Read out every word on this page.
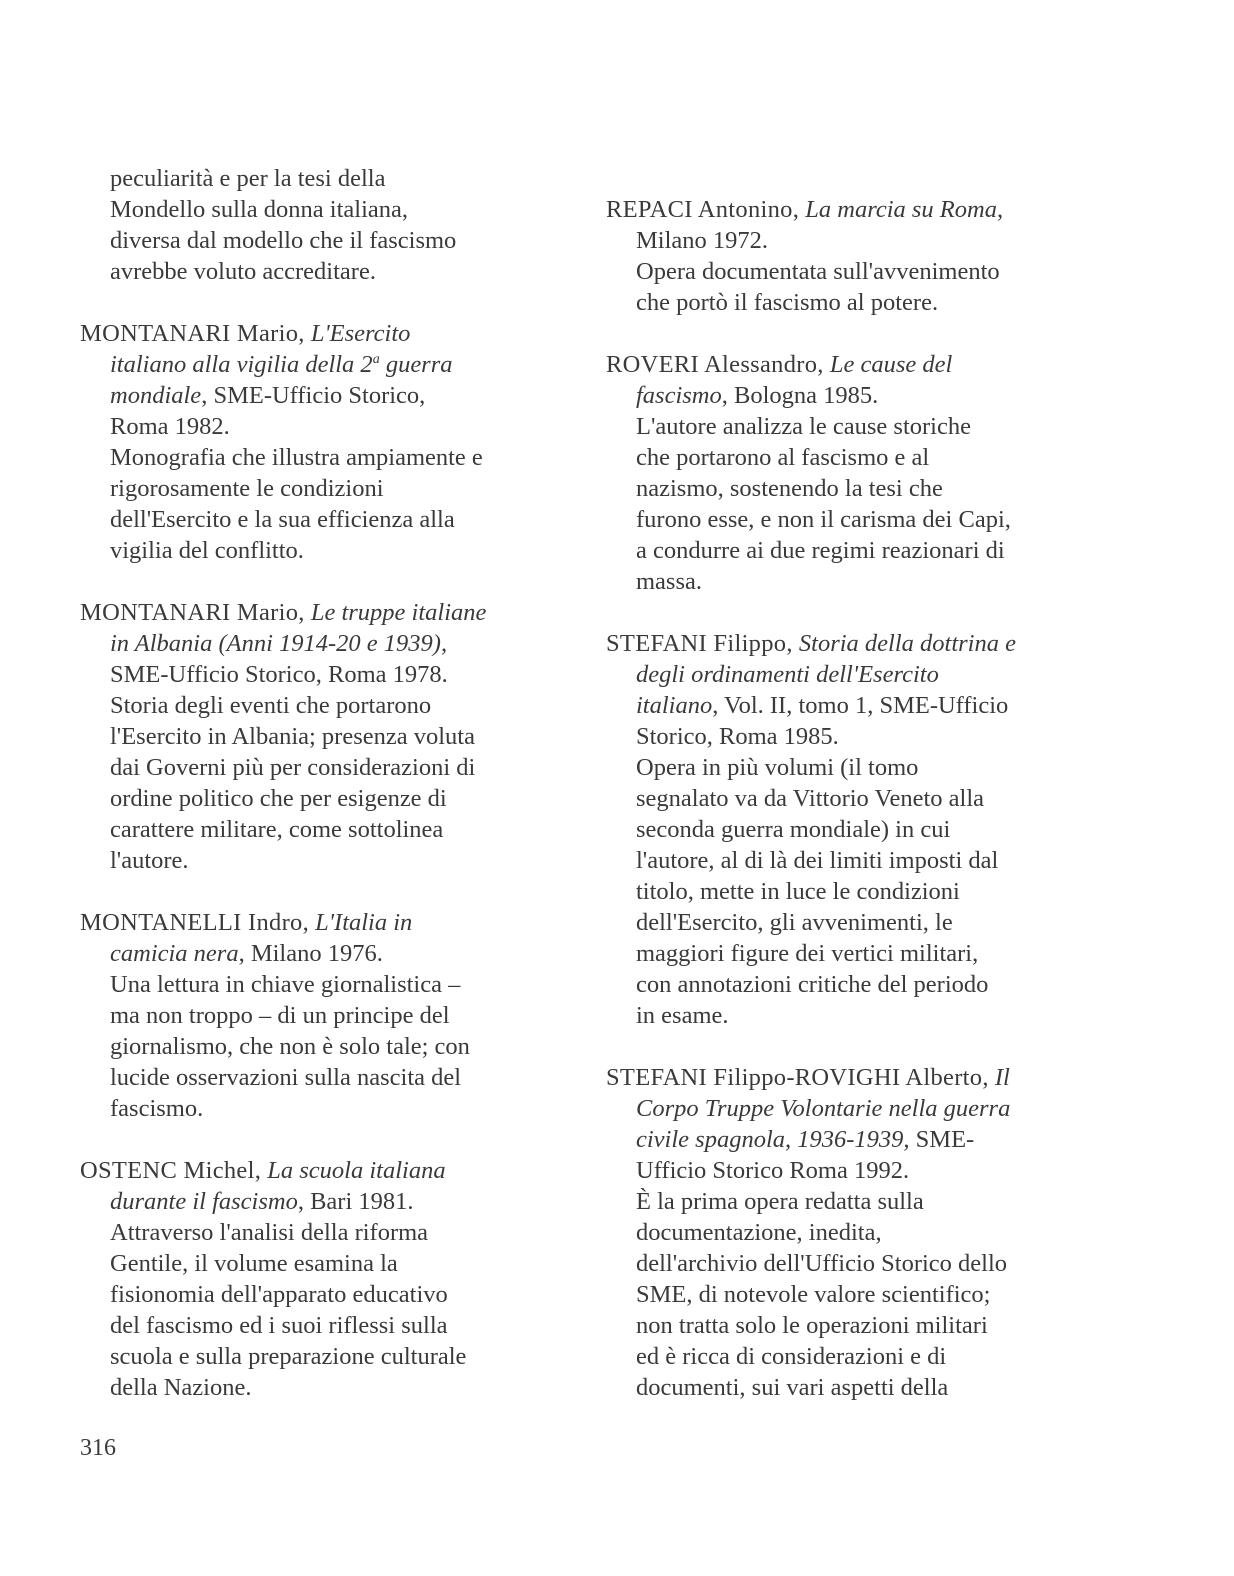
peculiarità e per la tesi della
Mondello sulla donna italiana,
diversa dal modello che il fascismo
avrebbe voluto accreditare.
MONTANARI Mario, L'Esercito
italiano alla vigilia della 2$^a$ guerra
mondiale, SME-Ufficio Storico,
Roma 1982.
Monografia che illustra ampiamente e
rigorosamente le condizioni
dell'Esercito e la sua efficienza alla
vigilia del conflitto.
MONTANARI Mario, Le truppe italiane
in Albania (Anni 1914-20 e 1939),
SME-Ufficio Storico, Roma 1978.
Storia degli eventi che portarono
l'Esercito in Albania; presenza voluta
dai Governi più per considerazioni di
ordine politico che per esigenze di
carattere militare, come sottolinea
l'autore.
MONTANELLI Indro, L'Italia in
camicia nera, Milano 1976.
Una lettura in chiave giornalistica –
ma non troppo – di un principe del
giornalismo, che non è solo tale; con
lucide osservazioni sulla nascita del
fascismo.
OSTENC Michel, La scuola italiana
durante il fascismo, Bari 1981.
Attraverso l'analisi della riforma
Gentile, il volume esamina la
fisionomia dell'apparato educativo
del fascismo ed i suoi riflessi sulla
scuola e sulla preparazione culturale
della Nazione.
REPACI Antonino, La marcia su Roma,
Milano 1972.
Opera documentata sull'avvenimento
che portò il fascismo al potere.
ROVERI Alessandro, Le cause del
fascismo, Bologna 1985.
L'autore analizza le cause storiche
che portarono al fascismo e al
nazismo, sostenendo la tesi che
furono esse, e non il carisma dei Capi,
a condurre ai due regimi reazionari di
massa.
STEFANI Filippo, Storia della dottrina e
degli ordinamenti dell'Esercito
italiano, Vol. II, tomo 1, SME-Ufficio
Storico, Roma 1985.
Opera in più volumi (il tomo
segnalato va da Vittorio Veneto alla
seconda guerra mondiale) in cui
l'autore, al di là dei limiti imposti dal
titolo, mette in luce le condizioni
dell'Esercito, gli avvenimenti, le
maggiori figure dei vertici militari,
con annotazioni critiche del periodo
in esame.
STEFANI Filippo-ROVIGHI Alberto, Il
Corpo Truppe Volontarie nella guerra
civile spagnola, 1936-1939, SME-
Ufficio Storico Roma 1992.
È la prima opera redatta sulla
documentazione, inedita,
dell'archivio dell'Ufficio Storico dello
SME, di notevole valore scientifico;
non tratta solo le operazioni militari
ed è ricca di considerazioni e di
documenti, sui vari aspetti della
316
